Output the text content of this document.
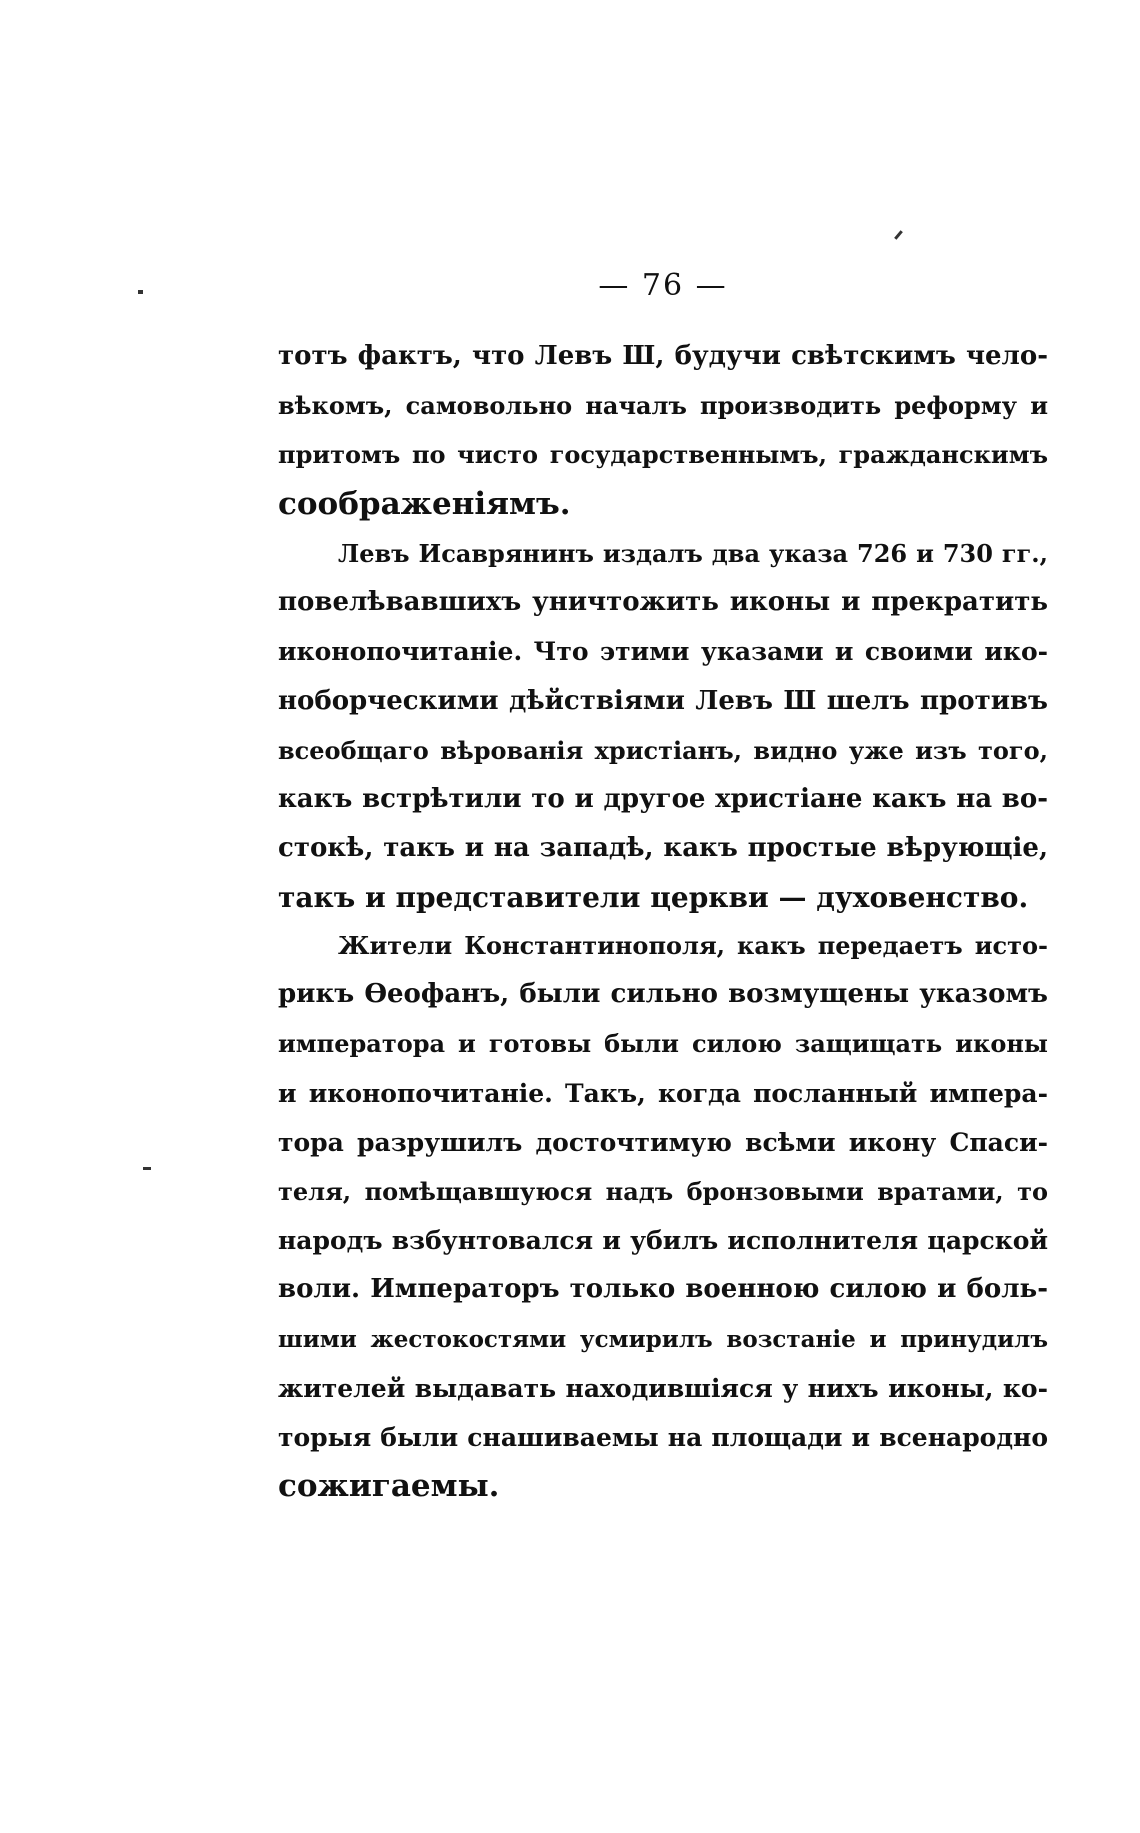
— 76 —
тотъ фактъ, что Левъ Ш, будучи свѣтскимъ чело-
вѣкомъ, самовольно началъ производить реформу и
притомъ по чисто государственнымъ, гражданскимъ
соображеніямъ.
Левъ Исаврянинъ издалъ два указа 726 и 730 гг.,
повелѣвавшихъ уничтожить иконы и прекратить
иконопочитаніе. Что этими указами и своими ико-
ноборческими дѣйствіями Левъ Ш шелъ противъ
всеобщаго вѣрованія христіанъ, видно уже изъ того,
какъ встрѣтили то и другое христіане какъ на во-
стокѣ, такъ и на западѣ, какъ простые вѣрующіе,
такъ и представители церкви — духовенство.
Жители Константинополя, какъ передаетъ исто-
рикъ Ѳеофанъ, были сильно возмущены указомъ
императора и готовы были силою защищать иконы
и иконопочитаніе. Такъ, когда посланный импера-
тора разрушилъ досточтимую всѣми икону Спаси-
теля, помѣщавшуюся надъ бронзовыми вратами, то
народъ взбунтовался и убилъ исполнителя царской
воли. Императоръ только военною силою и боль-
шими жестокостями усмирилъ возстаніе и принудилъ
жителей выдавать находившіяся у нихъ иконы, ко-
торыя были снашиваемы на площади и всенародно
сожигаемы.
